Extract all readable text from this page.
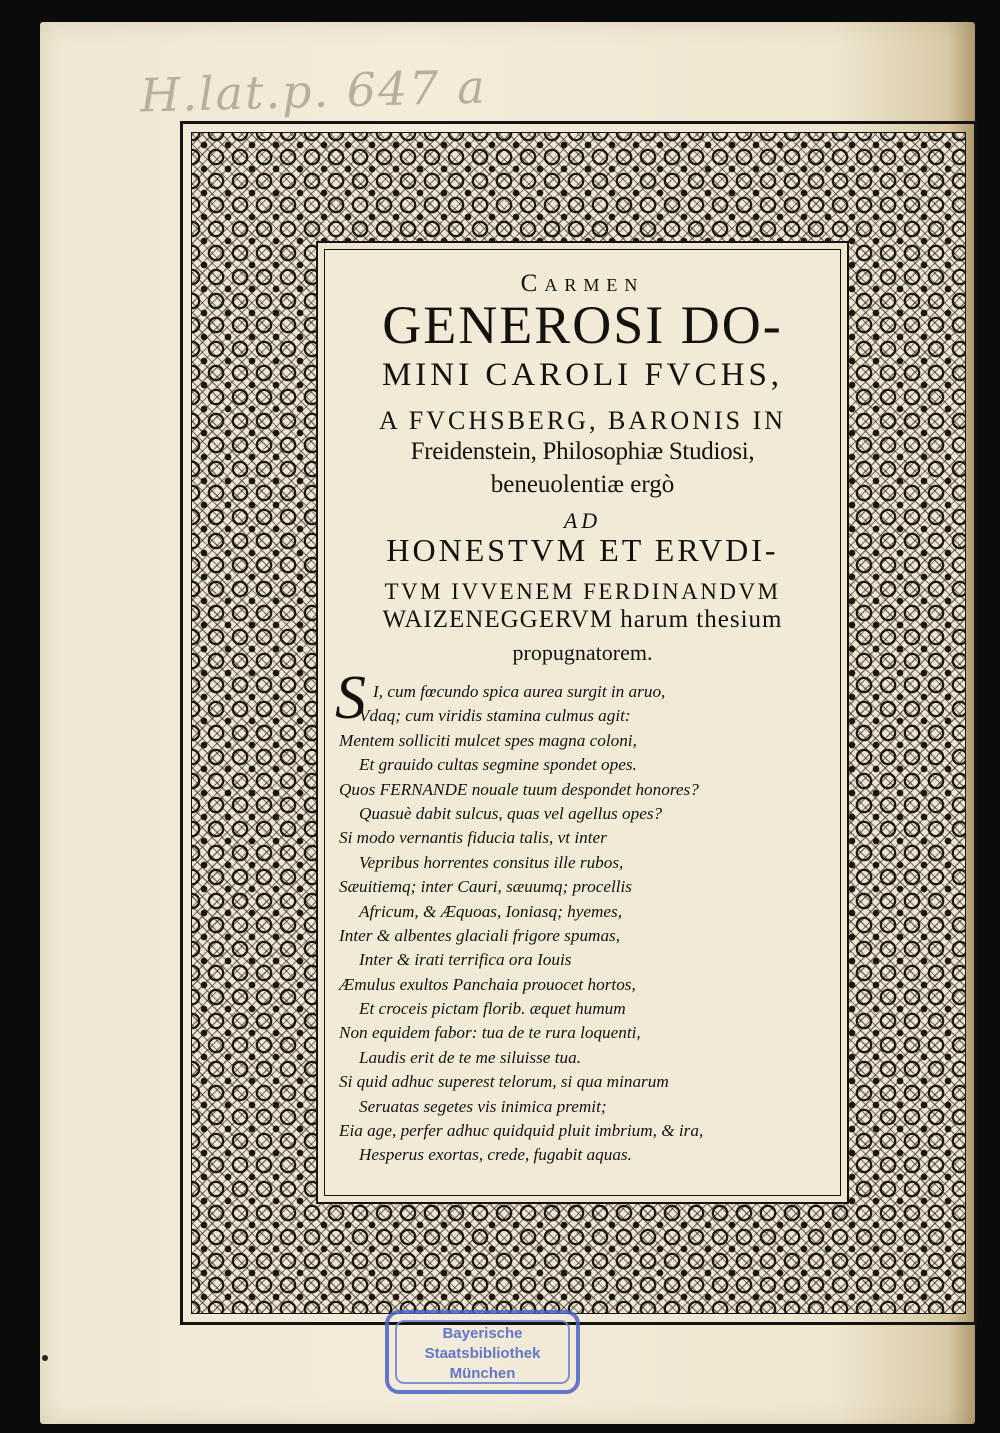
H.lat.p. 647 a
Carmen
GENEROSI DO-
MINI CAROLI FVCHS,
A FVCHSBERG, BARONIS IN
Freidenstein, Philosophiæ Studiosi,
beneuolentiæ ergò
AD
HONESTVM ET ERVDI-
TVM IVVENEM FERDINANDVM
WAIZENEGGERVM harum thesium
propugnatorem.
S I, cum fœcundo spica aurea surgit in aruo,
Vdaq; cum viridis stamina culmus agit:
Mentem solliciti mulcet spes magna coloni,
Et grauido cultas segmine spondet opes.
Quos FERNANDE nouale tuum despondet honores?
Quasuè dabit sulcus, quas vel agellus opes?
Si modo vernantis fiducia talis, vt inter
Vepribus horrentes consitus ille rubos,
Sæuitiemq; inter Cauri, sæuumq; procellis
Africum, & Æquoas, Ioniasq; hyemes,
Inter & albentes glaciali frigore spumas,
Inter & irati terrifica ora Iouis
Æmulus exultos Panchaia prouocet hortos,
Et croceis pictam florib. æquet humum
Non equidem fabor: tua de te rura loquenti,
Laudis erit de te me siluisse tua.
Si quid adhuc superest telorum, si qua minarum
Seruatas segetes vis inimica premit;
Eia age, perfer adhuc quidquid pluit imbrium, & ira,
Hesperus exortas, crede, fugabit aquas.
Bayerische
Staatsbibliothek
München
